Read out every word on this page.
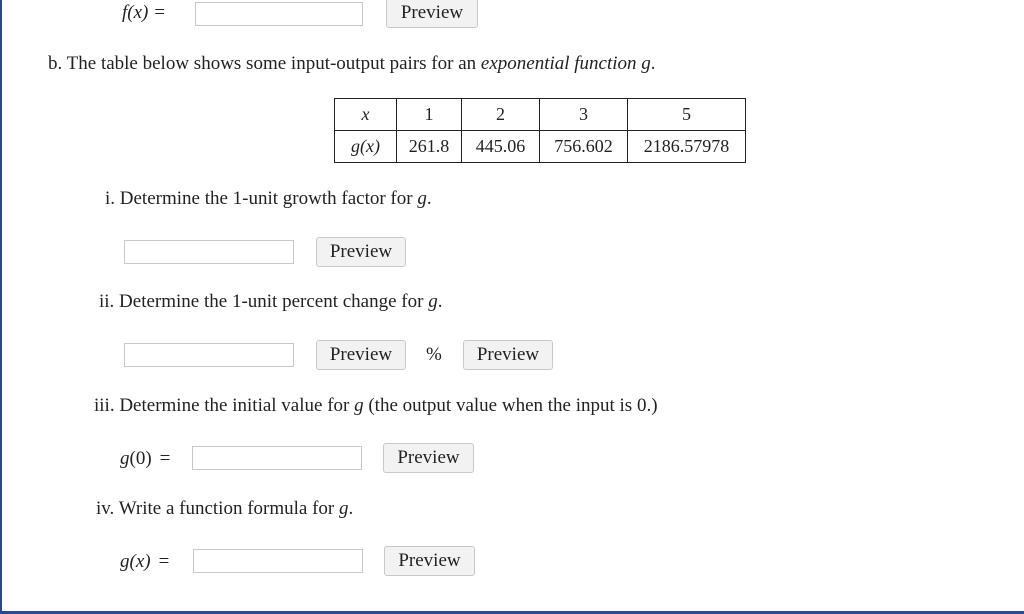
f(x) =	Preview
b. The table below shows some input-output pairs for an exponential function g.
x	1	2	3	5
g(x)	261.8	445.06	756.602	2186.57978
i. Determine the 1-unit growth factor for g.
Preview
ii. Determine the 1-unit percent change for g.
Preview	%	Preview
iii. Determine the initial value for g (the output value when the input is 0.)
g(0) =	Preview
iv. Write a function formula for g.
g(x) =	Preview
